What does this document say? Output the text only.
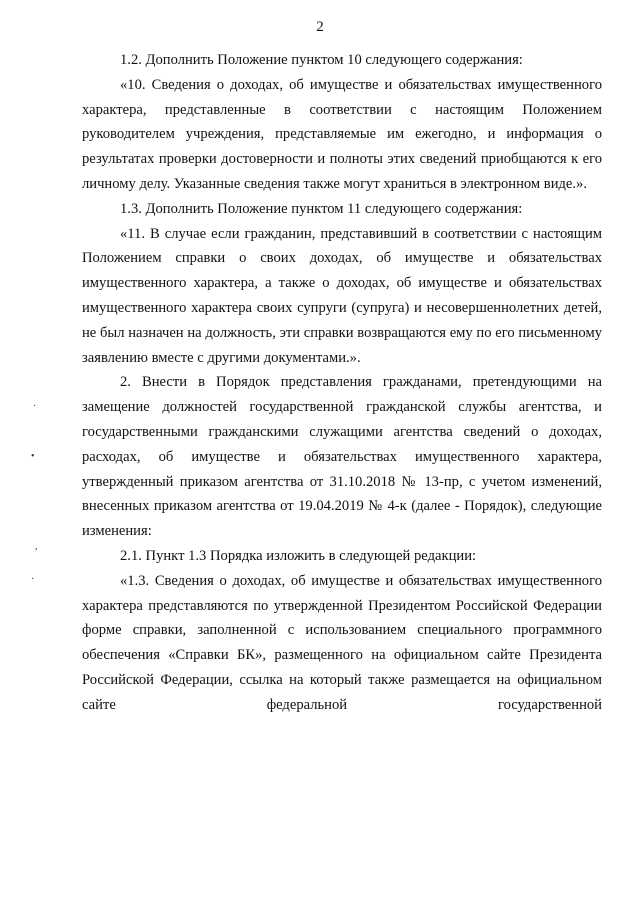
2
·
•
,
·

1.2. Дополнить Положение пунктом 10 следующего содержания:

«10. Сведения о доходах, об имуществе и обязательствах имущественного характера, представленные в соответствии с настоящим Положением руководителем учреждения, представляемые им ежегодно, и информация о результатах проверки достоверности и полноты этих сведений приобщаются к его личному делу. Указанные сведения также могут храниться в электронном виде.».

1.3. Дополнить Положение пунктом 11 следующего содержания:

«11. В случае если гражданин, представивший в соответствии с настоящим Положением справки о своих доходах, об имуществе и обязательствах имущественного характера, а также о доходах, об имуществе и обязательствах имущественного характера своих супруги (супруга) и несовершеннолетних детей, не был назначен на должность, эти справки возвращаются ему по его письменному заявлению вместе с другими документами.».

2. Внести в Порядок представления гражданами, претендующими на замещение должностей государственной гражданской службы агентства, и государственными гражданскими служащими агентства сведений о доходах, расходах, об имуществе и обязательствах имущественного характера, утвержденный приказом агентства от 31.10.2018 № 13-пр, с учетом изменений, внесенных приказом агентства от 19.04.2019 № 4-к (далее - Порядок), следующие изменения:

2.1. Пункт 1.3 Порядка изложить в следующей редакции:

«1.3. Сведения о доходах, об имуществе и обязательствах имущественного характера представляются по утвержденной Президентом Российской Федерации форме справки, заполненной с использованием специального программного обеспечения «Справки БК», размещенного на официальном сайте Президента Российской Федерации, ссылка на который также размещается на официальном сайте федеральной государственной
